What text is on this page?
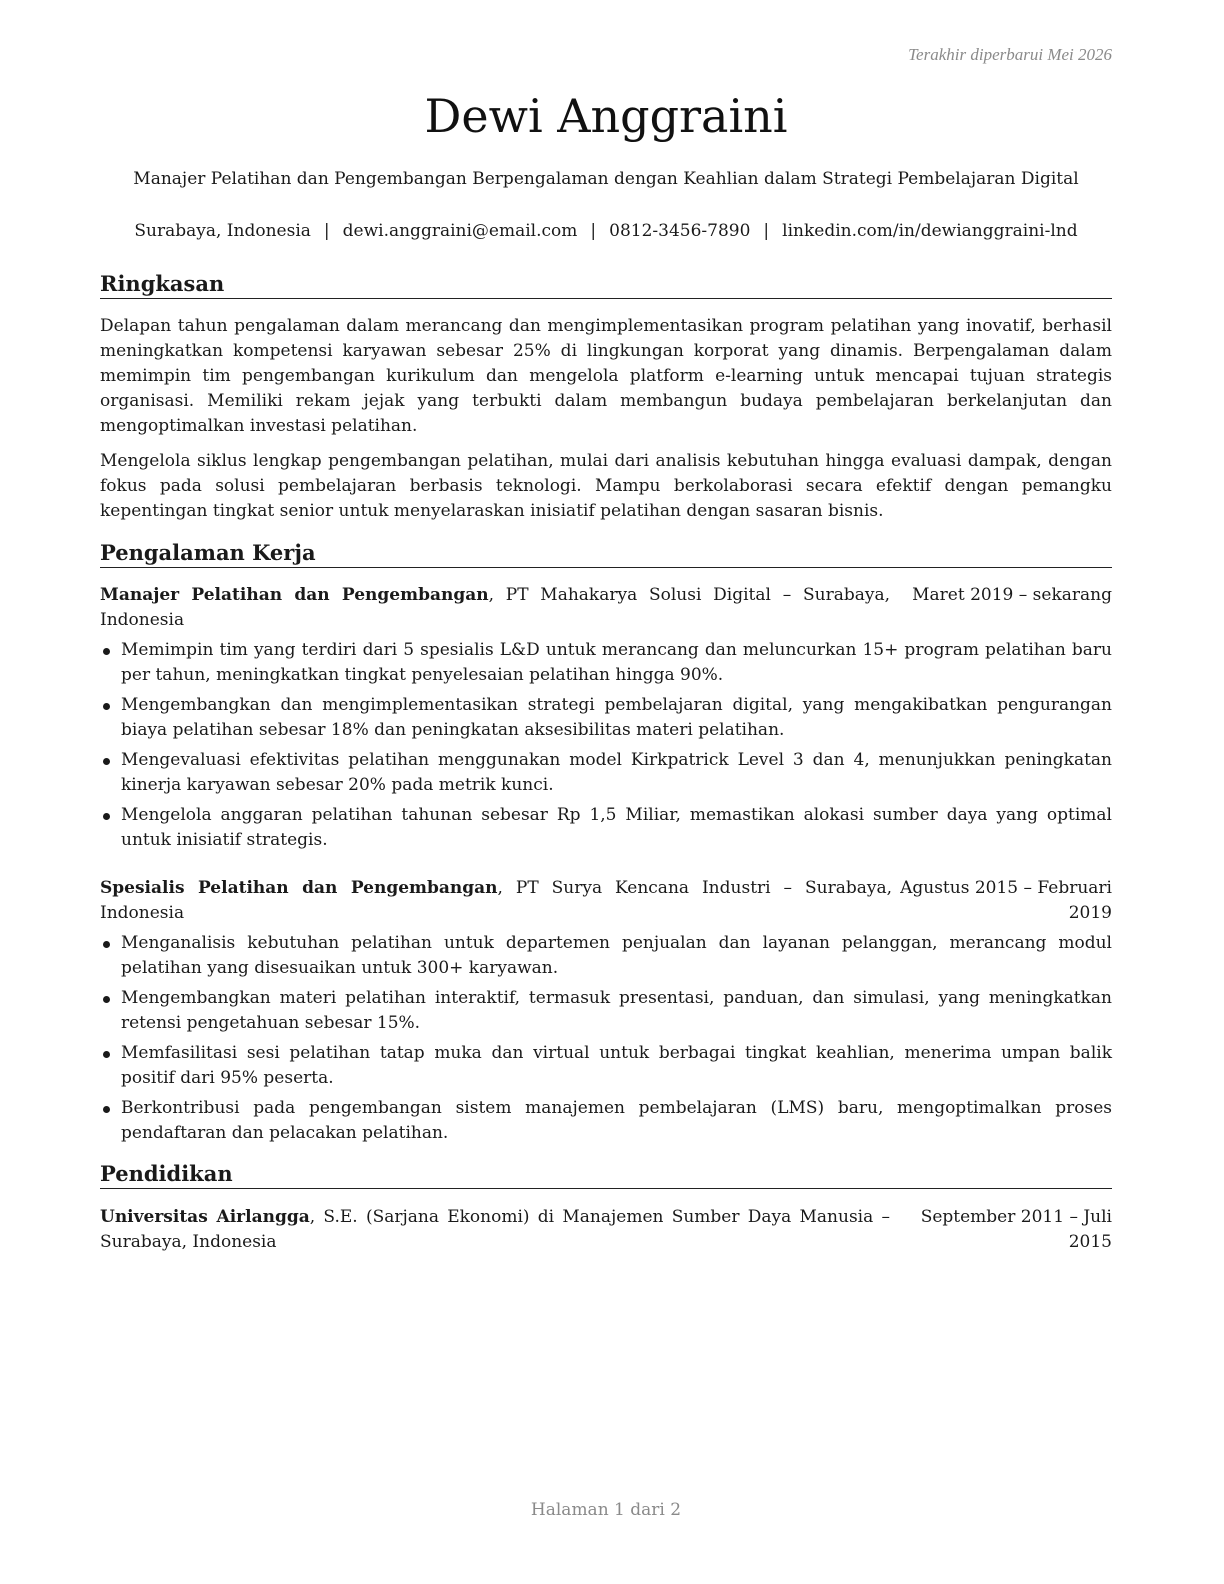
Terakhir diperbarui Mei 2026
Dewi Anggraini
Manajer Pelatihan dan Pengembangan Berpengalaman dengan Keahlian dalam Strategi Pembelajaran Digital
Surabaya, Indonesia | dewi.anggraini@email.com | 0812-3456-7890 | linkedin.com/in/dewianggraini-lnd
Ringkasan
Delapan tahun pengalaman dalam merancang dan mengimplementasikan program pelatihan yang inovatif, berhasil meningkatkan kompetensi karyawan sebesar 25% di lingkungan korporat yang dinamis. Berpengalaman dalam memimpin tim pengembangan kurikulum dan mengelola platform e-learning untuk mencapai tujuan strategis organisasi. Memiliki rekam jejak yang terbukti dalam membangun budaya pembelajaran berkelanjutan dan mengoptimalkan investasi pelatihan.
Mengelola siklus lengkap pengembangan pelatihan, mulai dari analisis kebutuhan hingga evaluasi dampak, dengan fokus pada solusi pembelajaran berbasis teknologi. Mampu berkolaborasi secara efektif dengan pemangku kepentingan tingkat senior untuk menyelaraskan inisiatif pelatihan dengan sasaran bisnis.
Pengalaman Kerja
Manajer Pelatihan dan Pengembangan, PT Mahakarya Solusi Digital – Surabaya, Indonesia
Maret 2019 – sekarang
Memimpin tim yang terdiri dari 5 spesialis L&D untuk merancang dan meluncurkan 15+ program pelatihan baru per tahun, meningkatkan tingkat penyelesaian pelatihan hingga 90%.
Mengembangkan dan mengimplementasikan strategi pembelajaran digital, yang mengakibatkan pengurangan biaya pelatihan sebesar 18% dan peningkatan aksesibilitas materi pelatihan.
Mengevaluasi efektivitas pelatihan menggunakan model Kirkpatrick Level 3 dan 4, menunjukkan peningkatan kinerja karyawan sebesar 20% pada metrik kunci.
Mengelola anggaran pelatihan tahunan sebesar Rp 1,5 Miliar, memastikan alokasi sumber daya yang optimal untuk inisiatif strategis.
Spesialis Pelatihan dan Pengembangan, PT Surya Kencana Industri – Surabaya, Indonesia
Agustus 2015 – Februari 2019
Menganalisis kebutuhan pelatihan untuk departemen penjualan dan layanan pelanggan, merancang modul pelatihan yang disesuaikan untuk 300+ karyawan.
Mengembangkan materi pelatihan interaktif, termasuk presentasi, panduan, dan simulasi, yang meningkatkan retensi pengetahuan sebesar 15%.
Memfasilitasi sesi pelatihan tatap muka dan virtual untuk berbagai tingkat keahlian, menerima umpan balik positif dari 95% peserta.
Berkontribusi pada pengembangan sistem manajemen pembelajaran (LMS) baru, mengoptimalkan proses pendaftaran dan pelacakan pelatihan.
Pendidikan
Universitas Airlangga, S.E. (Sarjana Ekonomi) di Manajemen Sumber Daya Manusia – Surabaya, Indonesia
September 2011 – Juli 2015
Halaman 1 dari 2
